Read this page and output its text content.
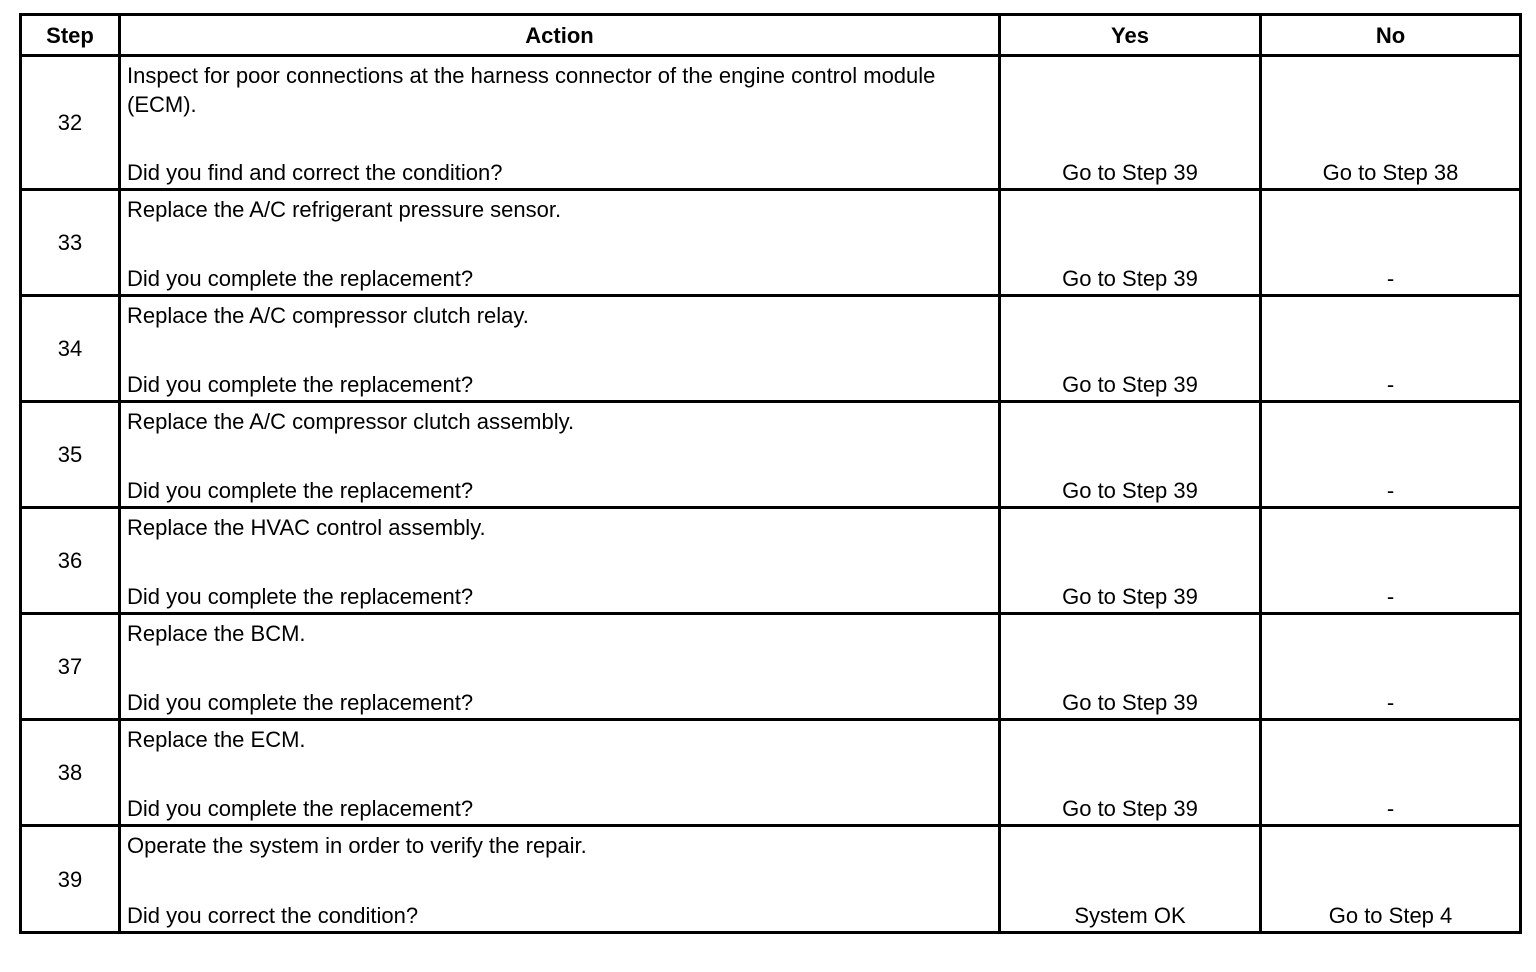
Step	Action	Yes	No
32	Inspect for poor connections at the harness connector of the engine control module (ECM).
Did you find and correct the condition?	Go to Step 39	Go to Step 38

33	Replace the A/C refrigerant pressure sensor.
Did you complete the replacement?	Go to Step 39	-

34	Replace the A/C compressor clutch relay.
Did you complete the replacement?	Go to Step 39	-

35	Replace the A/C compressor clutch assembly.
Did you complete the replacement?	Go to Step 39	-

36	Replace the HVAC control assembly.
Did you complete the replacement?	Go to Step 39	-

37	Replace the BCM.
Did you complete the replacement?	Go to Step 39	-

38	Replace the ECM.
Did you complete the replacement?	Go to Step 39	-

39	Operate the system in order to verify the repair.
Did you correct the condition?	System OK	Go to Step 4
